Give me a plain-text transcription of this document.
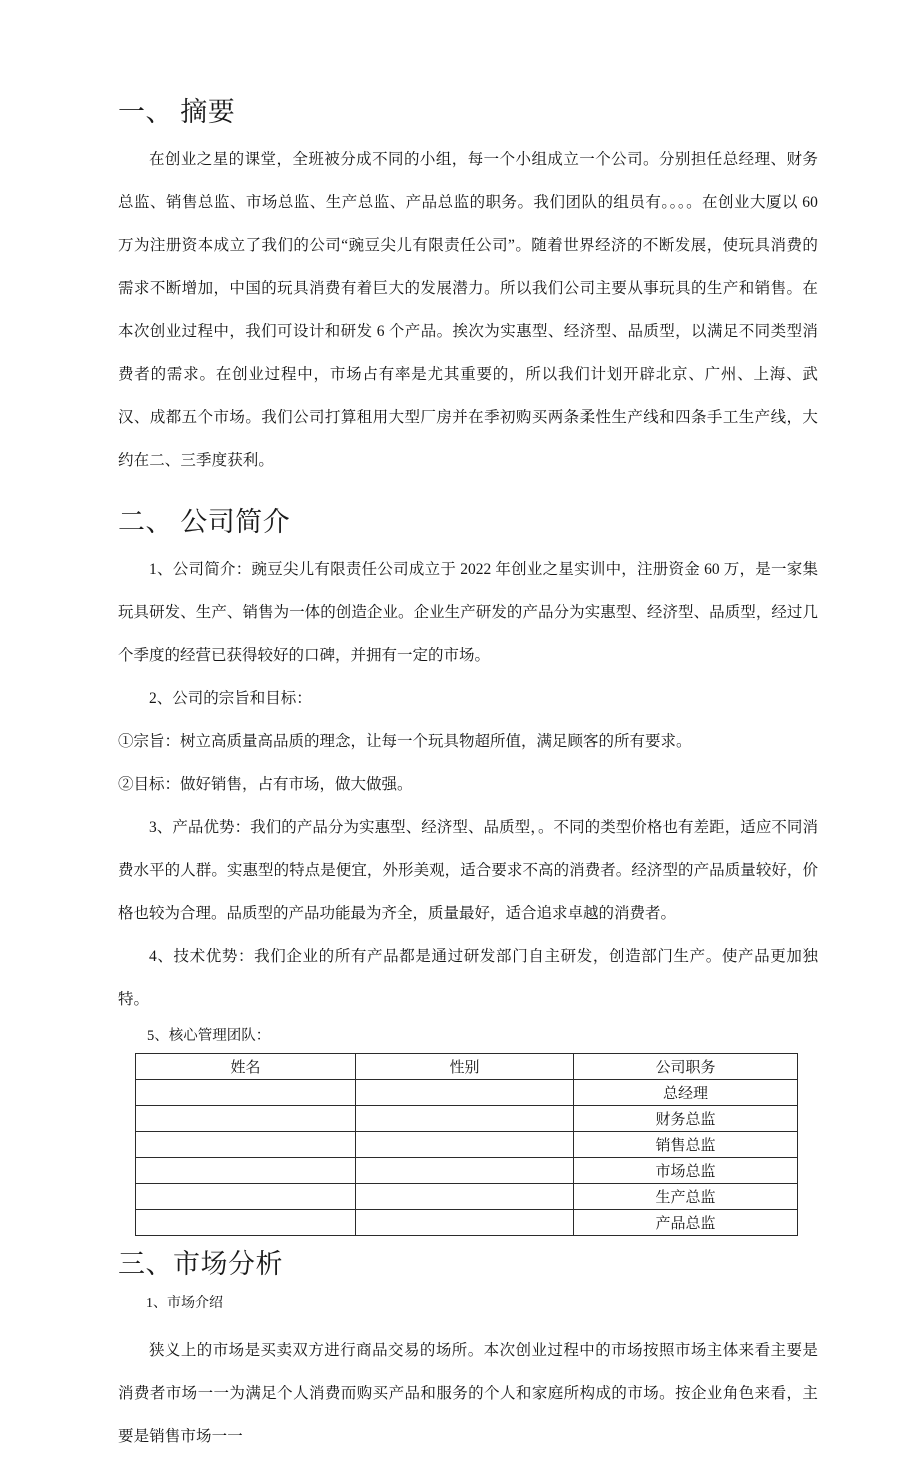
一、 摘要

在创业之星的课堂，全班被分成不同的小组，每一个小组成立一个公司。分别担任总经理、财务总监、销售总监、市场总监、生产总监、产品总监的职务。我们团队的组员有。。。。在创业大厦以 60 万为注册资本成立了我们的公司“豌豆尖儿有限责任公司”。随着世界经济的不断发展，使玩具消费的需求不断增加，中国的玩具消费有着巨大的发展潜力。所以我们公司主要从事玩具的生产和销售。在本次创业过程中，我们可设计和研发 6 个产品。挨次为实惠型、经济型、品质型，以满足不同类型消费者的需求。在创业过程中，市场占有率是尤其重要的，所以我们计划开辟北京、广州、上海、武汉、成都五个市场。我们公司打算租用大型厂房并在季初购买两条柔性生产线和四条手工生产线，大约在二、三季度获利。

二、 公司简介

1、公司简介：豌豆尖儿有限责任公司成立于 2022 年创业之星实训中，注册资金 60 万，是一家集玩具研发、生产、销售为一体的创造企业。企业生产研发的产品分为实惠型、经济型、品质型，经过几个季度的经营已获得较好的口碑，并拥有一定的市场。

2、公司的宗旨和目标：

①宗旨：树立高质量高品质的理念，让每一个玩具物超所值，满足顾客的所有要求。

②目标：做好销售，占有市场，做大做强。

3、产品优势：我们的产品分为实惠型、经济型、品质型，。不同的类型价格也有差距，适应不同消费水平的人群。实惠型的特点是便宜，外形美观，适合要求不高的消费者。经济型的产品质量较好，价格也较为合理。品质型的产品功能最为齐全，质量最好，适合追求卓越的消费者。

4、技术优势：我们企业的所有产品都是通过研发部门自主研发，创造部门生产。使产品更加独特。

5、核心管理团队：

姓名	性别	公司职务
		总经理
		财务总监
		销售总监
		市场总监
		生产总监
		产品总监
三、市场分析

1、市场介绍

狭义上的市场是买卖双方进行商品交易的场所。本次创业过程中的市场按照市场主体来看主要是消费者市场一一为满足个人消费而购买产品和服务的个人和家庭所构成的市场。按企业角色来看，主要是销售市场一一
